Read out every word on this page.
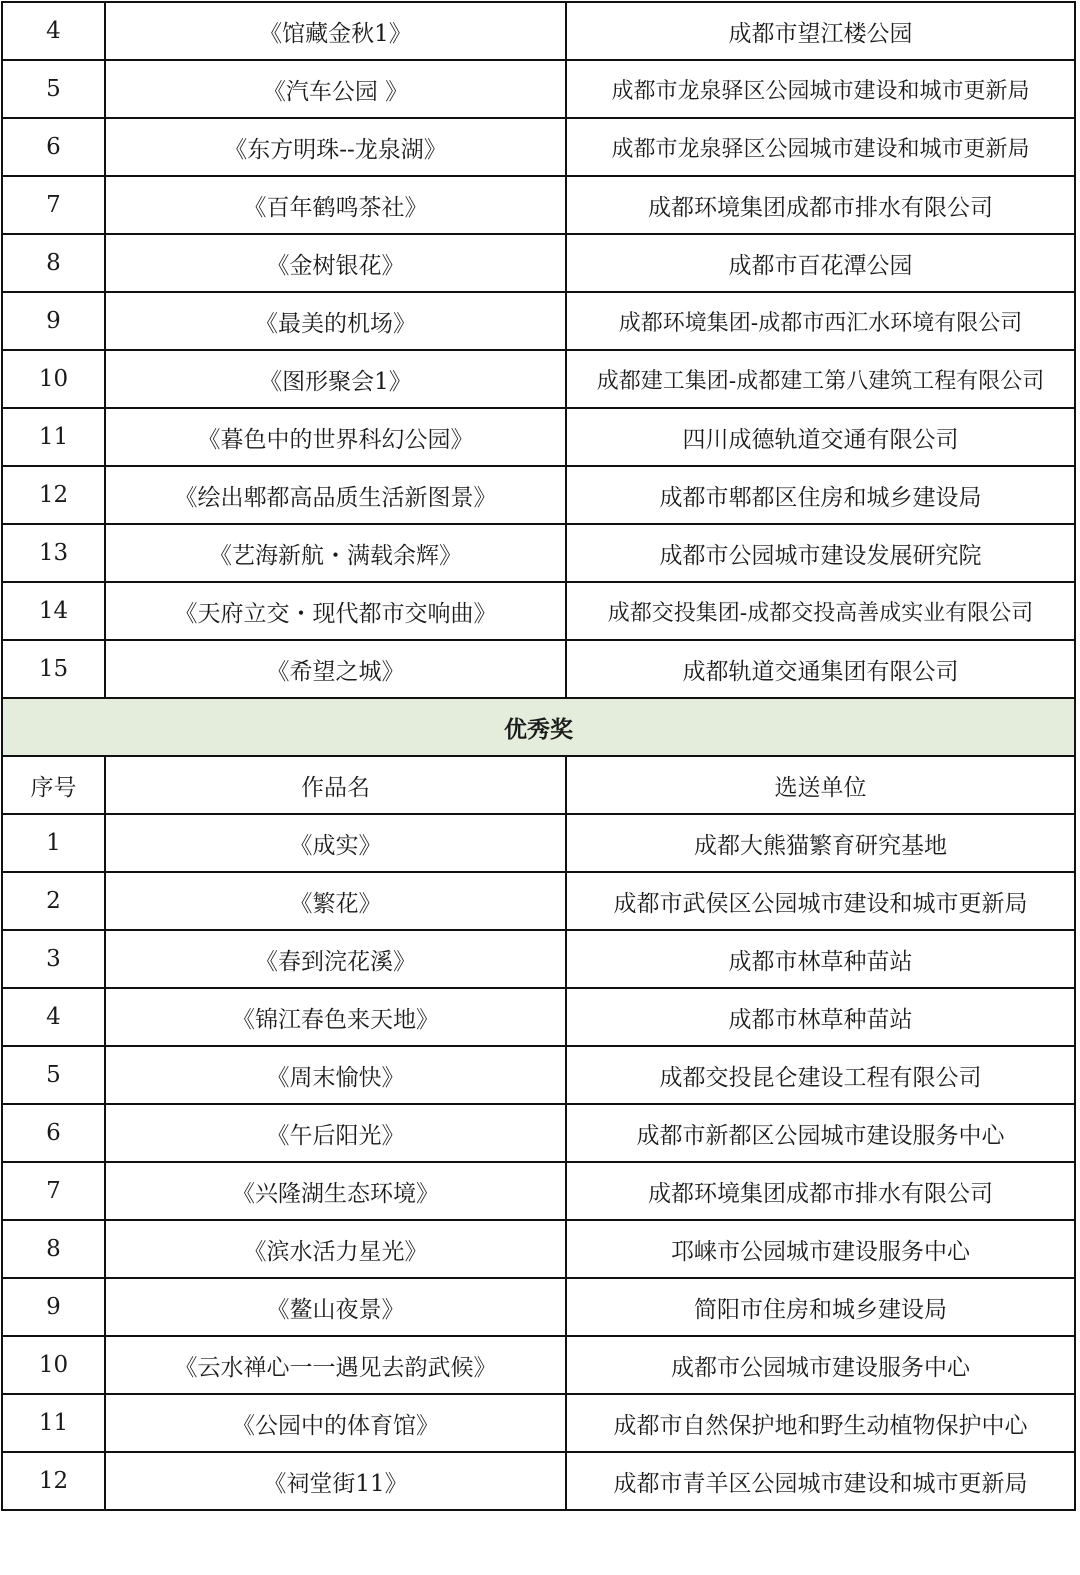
4	《馆藏金秋1》	成都市望江楼公园
5	《汽车公园 》	成都市龙泉驿区公园城市建设和城市更新局
6	《东方明珠--龙泉湖》	成都市龙泉驿区公园城市建设和城市更新局
7	《百年鹤鸣茶社》	成都环境集团成都市排水有限公司
8	《金树银花》	成都市百花潭公园
9	《最美的机场》	成都环境集团-成都市西汇水环境有限公司
10	《图形聚会1》	成都建工集团-成都建工第八建筑工程有限公司
11	《暮色中的世界科幻公园》	四川成德轨道交通有限公司
12	《绘出郫都高品质生活新图景》	成都市郫都区住房和城乡建设局
13	《艺海新航・满载余辉》	成都市公园城市建设发展研究院
14	《天府立交・现代都市交响曲》	成都交投集团-成都交投高善成实业有限公司
15	《希望之城》	成都轨道交通集团有限公司
优秀奖		
序号	作品名	选送单位
1	《成实》	成都大熊猫繁育研究基地
2	《繁花》	成都市武侯区公园城市建设和城市更新局
3	《春到浣花溪》	成都市林草种苗站
4	《锦江春色来天地》	成都市林草种苗站
5	《周末愉快》	成都交投昆仑建设工程有限公司
6	《午后阳光》	成都市新都区公园城市建设服务中心
7	《兴隆湖生态环境》	成都环境集团成都市排水有限公司
8	《滨水活力星光》	邛崃市公园城市建设服务中心
9	《鳌山夜景》	简阳市住房和城乡建设局
10	《云水禅心一一遇见去韵武候》	成都市公园城市建设服务中心
11	《公园中的体育馆》	成都市自然保护地和野生动植物保护中心
12	《祠堂街11》	成都市青羊区公园城市建设和城市更新局
